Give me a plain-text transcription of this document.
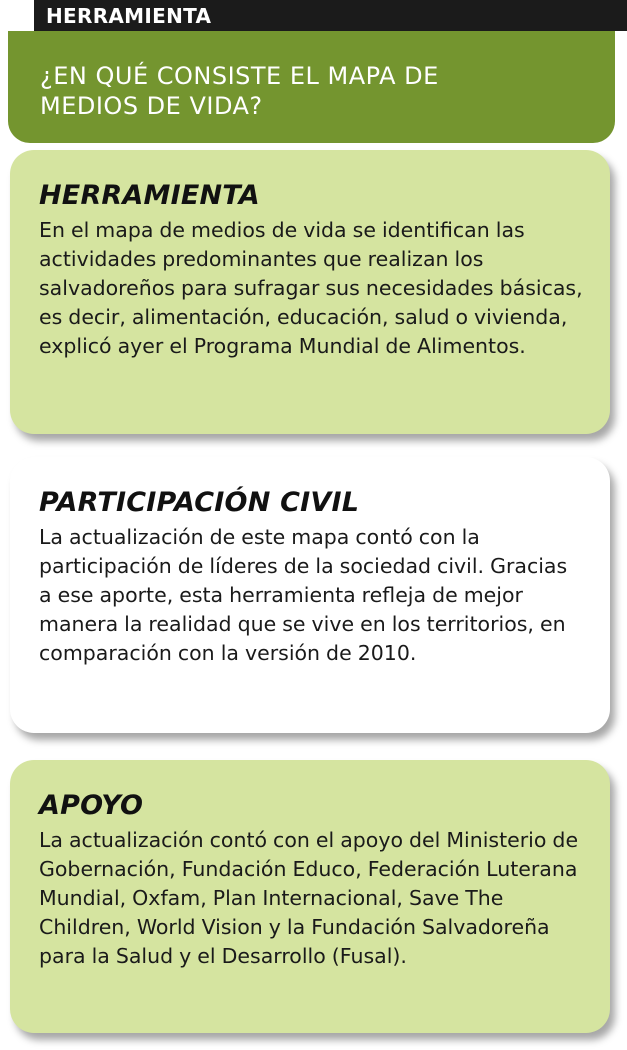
HERRAMIENTA
¿EN QUÉ CONSISTE EL MAPA DE MEDIOS DE VIDA?
HERRAMIENTA

En el mapa de medios de vida se identifican las actividades predominantes que realizan los salvadoreños para sufragar sus necesidades básicas, es decir, alimentación, educación, salud o vivienda, explicó ayer el Programa Mundial de Alimentos.

PARTICIPACIÓN CIVIL

La actualización de este mapa contó con la participación de líderes de la sociedad civil. Gracias a ese aporte, esta herramienta refleja de mejor manera la realidad que se vive en los territorios, en comparación con la versión de 2010.

APOYO

La actualización contó con el apoyo del Ministerio de Gobernación, Fundación Educo, Federación Luterana Mundial, Oxfam, Plan Internacional, Save The Children, World Vision y la Fundación Salvadoreña para la Salud y el Desarrollo (Fusal).
